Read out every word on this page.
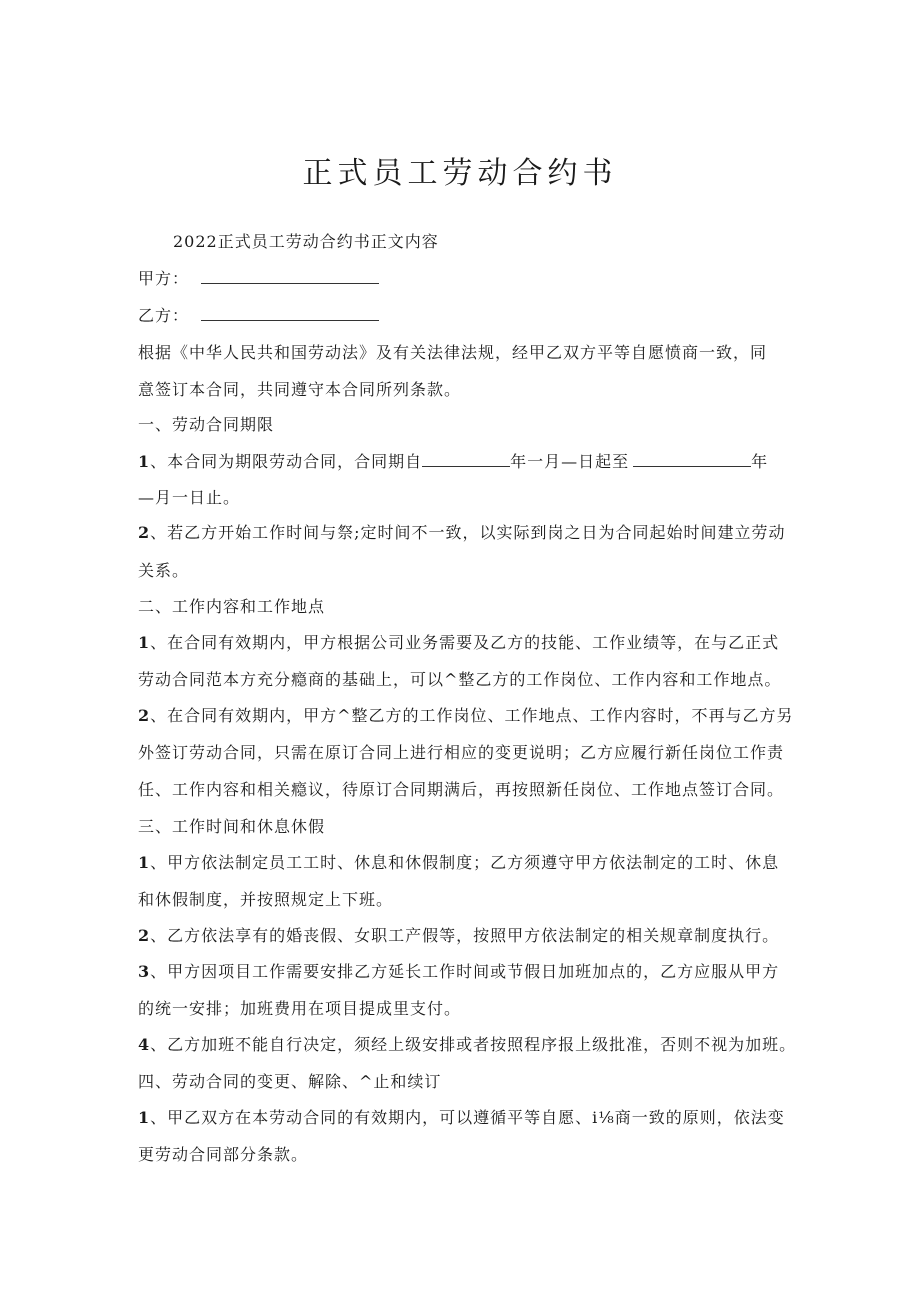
正式员工劳动合约书
2022正式员工劳动合约书正文内容
甲方：
乙方：
根据《中华人民共和国劳动法》及有关法律法规，经甲乙双方平等自愿愤商一致，同
意签订本合同，共同遵守本合同所列条款。
一、劳动合同期限
1、本合同为期限劳动合同，合同期自	年一月—日起至	年
—月一日止。
2、若乙方开始工作时间与祭;定时间不一致，以实际到岗之日为合同起始时间建立劳动
关系。
二、工作内容和工作地点
1、在合同有效期内，甲方根据公司业务需要及乙方的技能、工作业绩等，在与乙正式
劳动合同范本方充分瘾商的基础上，可以^整乙方的工作岗位、工作内容和工作地点。
2、在合同有效期内，甲方^整乙方的工作岗位、工作地点、工作内容时，不再与乙方另
外签订劳动合同，只需在原订合同上进行相应的变更说明；乙方应履行新任岗位工作责
任、工作内容和相关瘾议，待原订合同期满后，再按照新任岗位、工作地点签订合同。
三、工作时间和休息休假
1、甲方依法制定员工工时、休息和休假制度；乙方须遵守甲方依法制定的工时、休息
和休假制度，并按照规定上下班。
2、乙方依法享有的婚丧假、女职工产假等，按照甲方依法制定的相关规章制度执行。
3、甲方因项目工作需要安排乙方延长工作时间或节假日加班加点的，乙方应服从甲方
的统一安排；加班费用在项目提成里支付。
4、乙方加班不能自行决定，须经上级安排或者按照程序报上级批准，否则不视为加班。
四、劳动合同的变更、解除、^止和续订
1、甲乙双方在本劳动合同的有效期内，可以遵循平等自愿、i⅛商一致的原则，依法变
更劳动合同部分条款。
